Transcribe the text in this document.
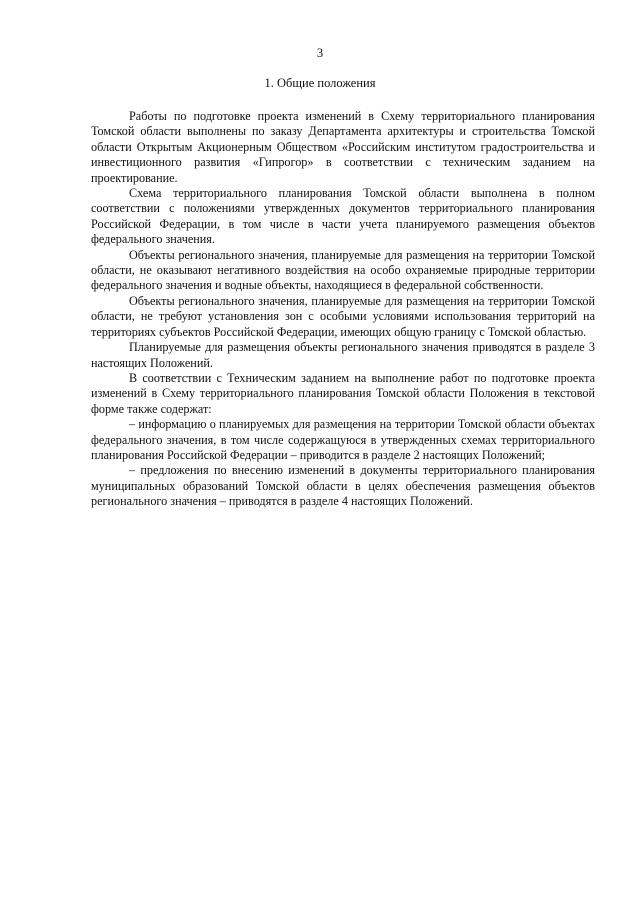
3
1. Общие положения

Работы по подготовке проекта изменений в Схему территориального планирования Томской области выполнены по заказу Департамента архитектуры и строительства Томской области Открытым Акционерным Обществом «Российским институтом градостроительства и инвестиционного развития «Гипрогор» в соответствии с техническим заданием на проектирование.

Схема территориального планирования Томской области выполнена в полном соответствии с положениями утвержденных документов территориального планирования Российской Федерации, в том числе в части учета планируемого размещения объектов федерального значения.

Объекты регионального значения, планируемые для размещения на территории Томской области, не оказывают негативного воздействия на особо охраняемые природные территории федерального значения и водные объекты, находящиеся в федеральной собственности.

Объекты регионального значения, планируемые для размещения на территории Томской области, не требуют установления зон с особыми условиями использования территорий на территориях субъектов Российской Федерации, имеющих общую границу с Томской областью.

Планируемые для размещения объекты регионального значения приводятся в разделе 3 настоящих Положений.

В соответствии с Техническим заданием на выполнение работ по подготовке проекта изменений в Схему территориального планирования Томской области Положения в текстовой форме также содержат:

– информацию о планируемых для размещения на территории Томской области объектах федерального значения, в том числе содержащуюся в утвержденных схемах территориального планирования Российской Федерации – приводится в разделе 2 настоящих Положений;

– предложения по внесению изменений в документы территориального планирования муниципальных образований Томской области в целях обеспечения размещения объектов регионального значения – приводятся в разделе 4 настоящих Положений.
